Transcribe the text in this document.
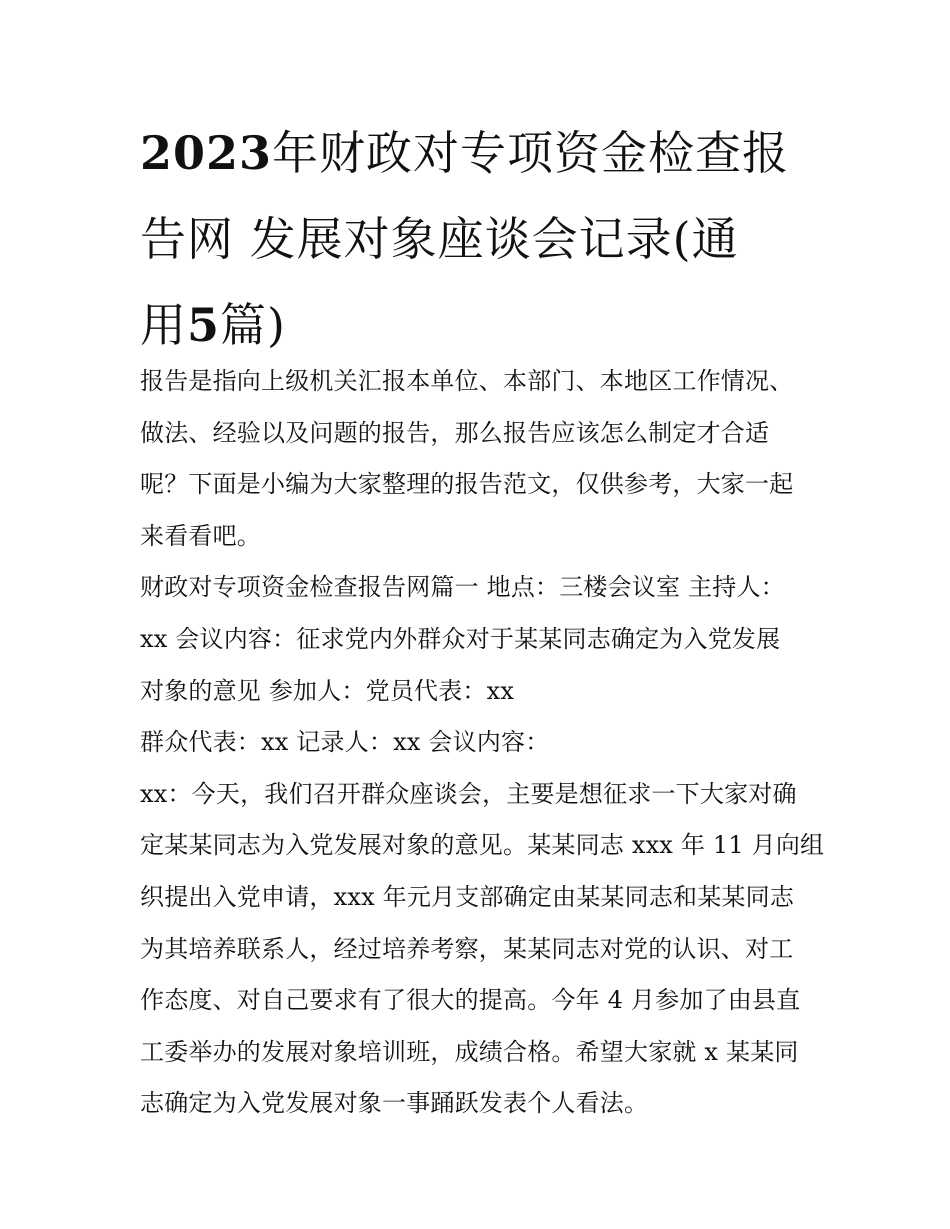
2023年财政对专项资金检查报
告网 发展对象座谈会记录(通
用5篇)
报告是指向上级机关汇报本单位、本部门、本地区工作情况、
做法、经验以及问题的报告，那么报告应该怎么制定才合适
呢？下面是小编为大家整理的报告范文，仅供参考，大家一起
来看看吧。
财政对专项资金检查报告网篇一 地点：三楼会议室 主持人：
xx 会议内容：征求党内外群众对于某某同志确定为入党发展
对象的意见 参加人：党员代表：xx
群众代表：xx 记录人：xx 会议内容：
xx：今天，我们召开群众座谈会，主要是想征求一下大家对确
定某某同志为入党发展对象的意见。某某同志 xxx 年 11 月向组
织提出入党申请，xxx 年元月支部确定由某某同志和某某同志
为其培养联系人，经过培养考察，某某同志对党的认识、对工
作态度、对自己要求有了很大的提高。今年 4 月参加了由县直
工委举办的发展对象培训班，成绩合格。希望大家就 x 某某同
志确定为入党发展对象一事踊跃发表个人看法。
